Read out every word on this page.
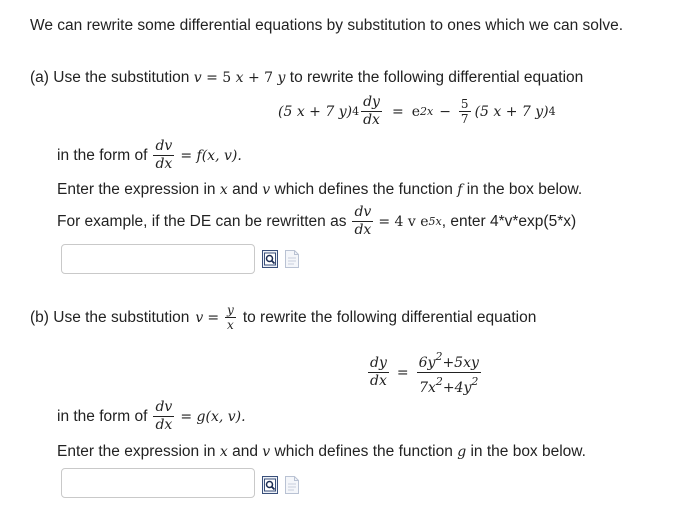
We can rewrite some differential equations by substitution to ones which we can solve.
(a) Use the substitution v = 5 x + 7 y to rewrite the following differential equation
(5 x + 7 y) $4 \frac{dy}{dx} = e$ $2x - \frac{5}{7} (5$ x + 7 y) 4
in the form of $\frac{dv}{dx} = f(x$, v).
Enter the expression in x and v which defines the function f in the box below.
For example, if the DE can be rewritten as $\frac{dv}{dx} = 4$ v e 5x , enter 4*v*exp(5*x)
(b) Use the substitution $v = \frac{y}{x}$ to rewrite the following differential equation
$\frac{dy}{dx} = \frac{6y^2+5xy}{7x^2+4y^2}$
in the form of $\frac{dv}{dx} = g(x$, v).
Enter the expression in x and v which defines the function g in the box below.
